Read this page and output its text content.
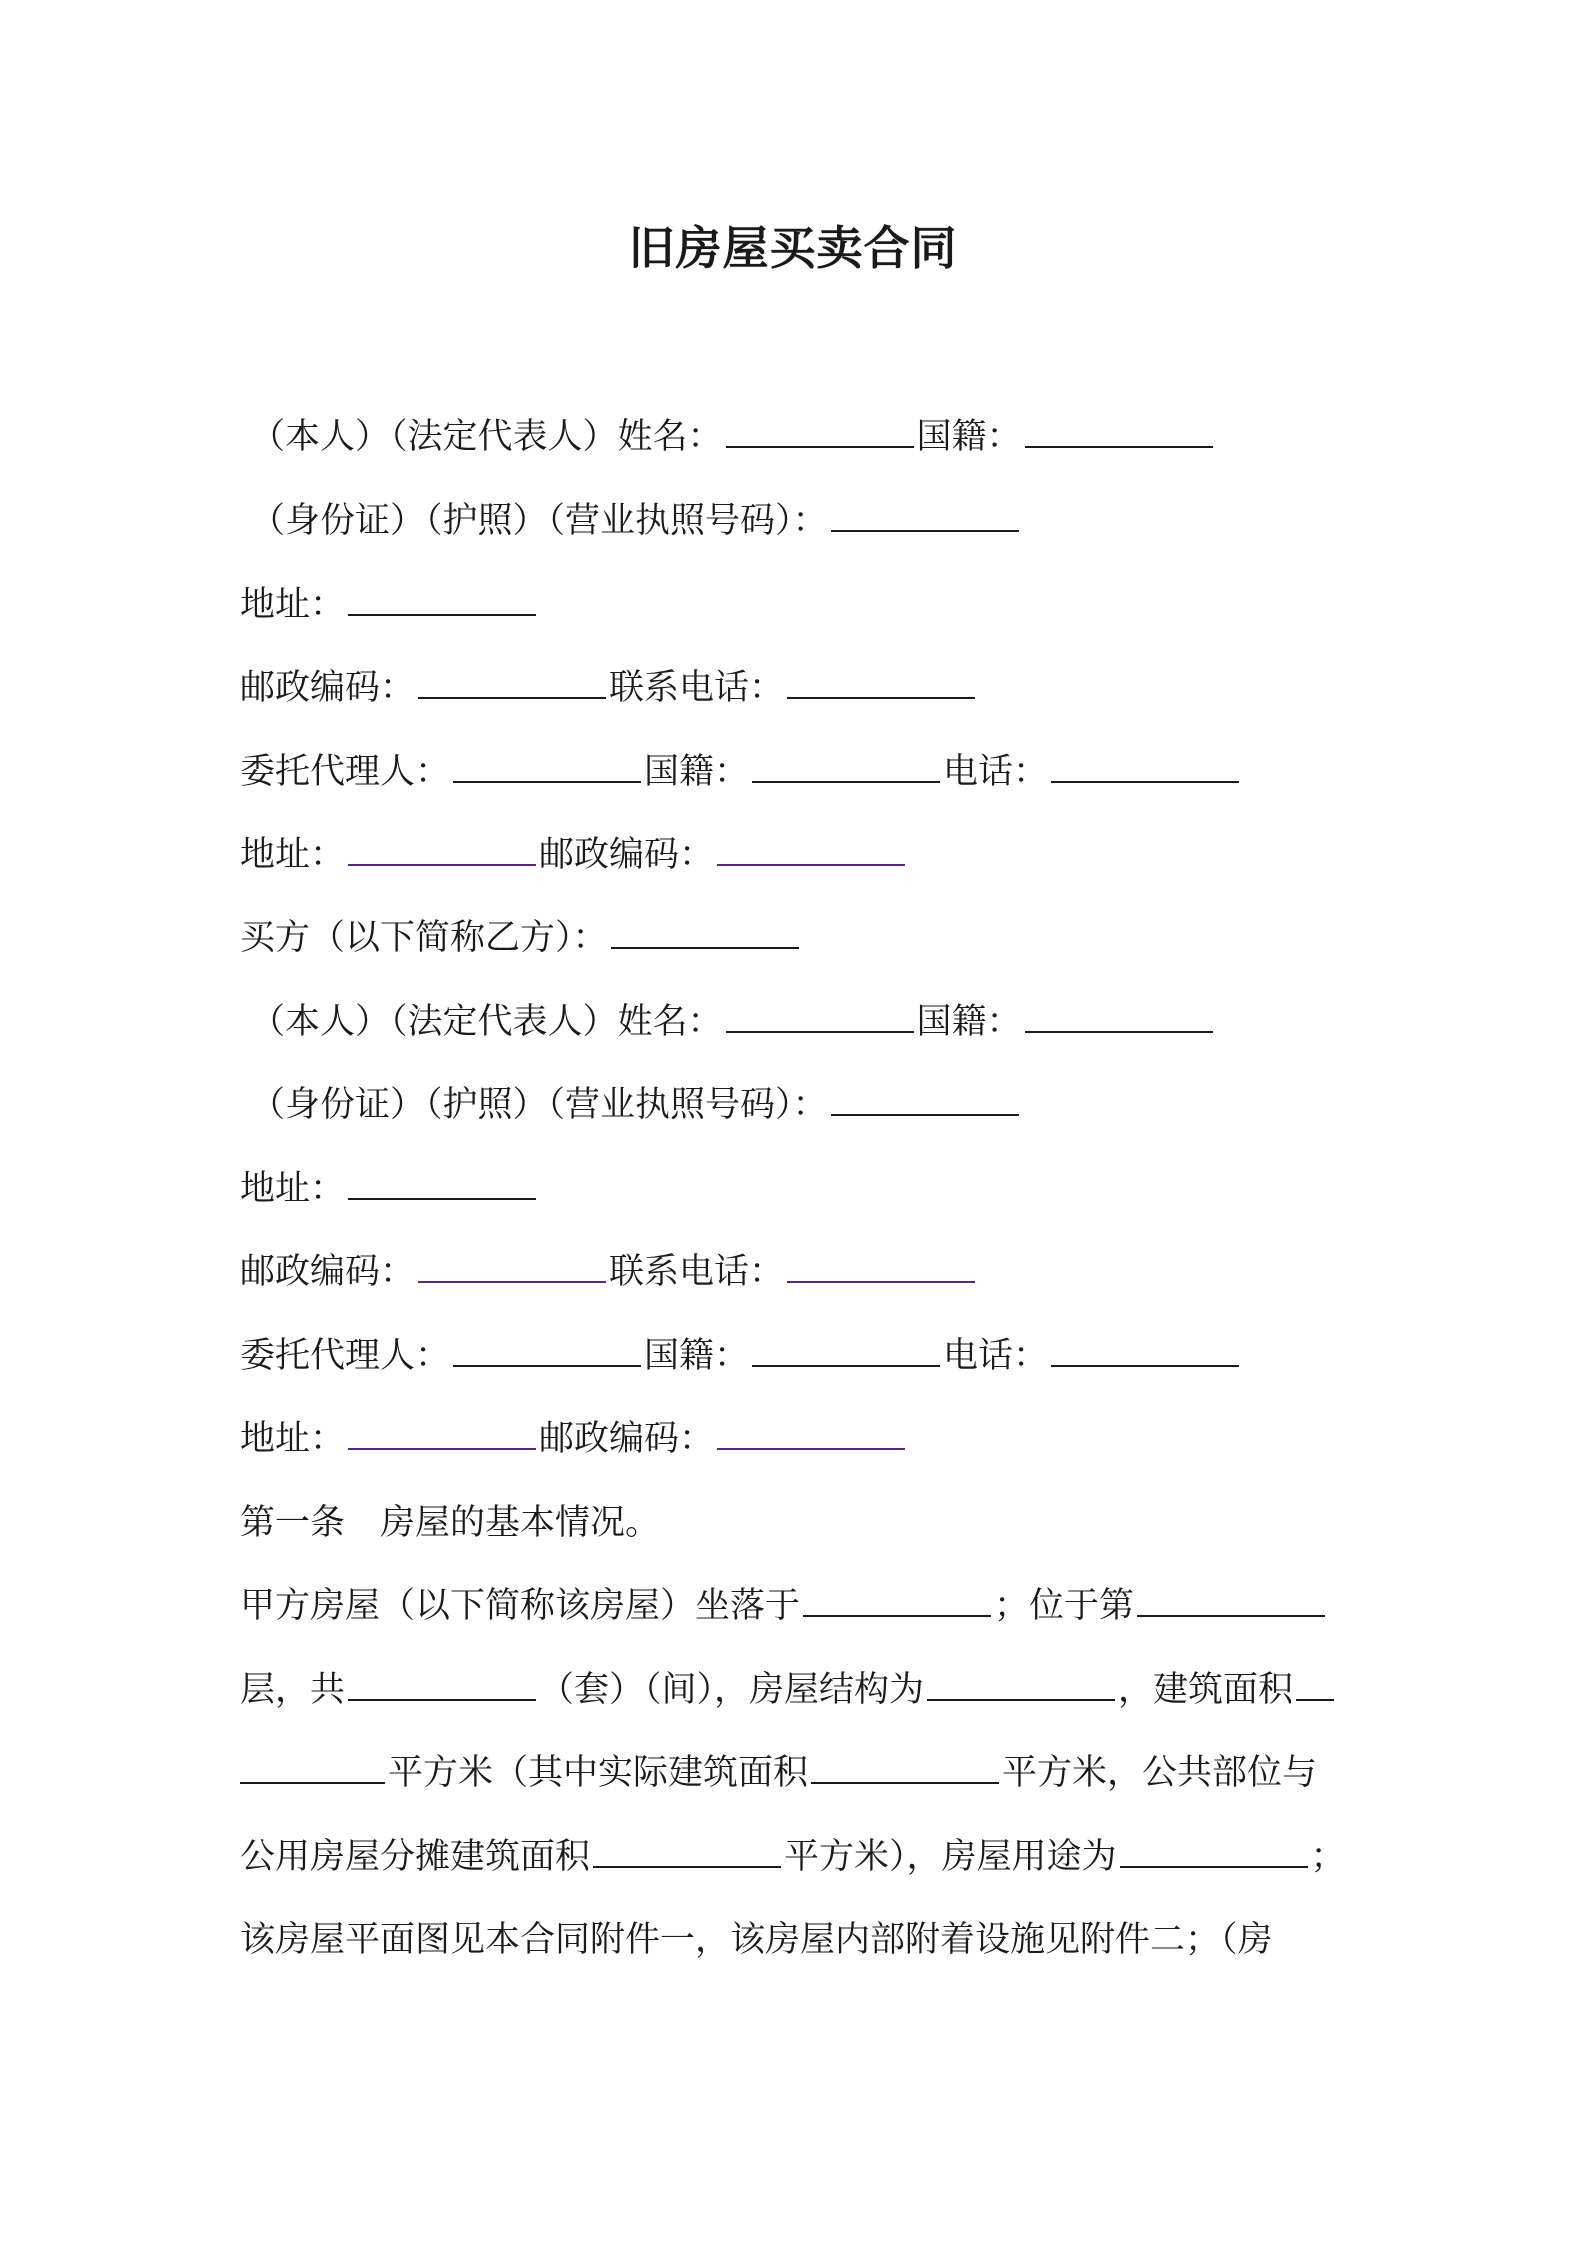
旧房屋买卖合同
（本人）（法定代表人）姓名：	国籍：
（身份证）（护照）（营业执照号码）：
地址：
邮政编码：	联系电话：
委托代理人：	国籍：	电话：
地址：	邮政编码：
买方（以下简称乙方）：
（本人）（法定代表人）姓名：	国籍：
（身份证）（护照）（营业执照号码）：
地址：
邮政编码：	联系电话：
委托代理人：	国籍：	电话：
地址：	邮政编码：
第一条　房屋的基本情况。
甲方房屋（以下简称该房屋）坐落于	；位于第
层，共	（套）（间），房屋结构为	，建筑面积
平方米（其中实际建筑面积	平方米，公共部位与
公用房屋分摊建筑面积	平方米），房屋用途为	；
该房屋平面图见本合同附件一，该房屋内部附着设施见附件二；（房
